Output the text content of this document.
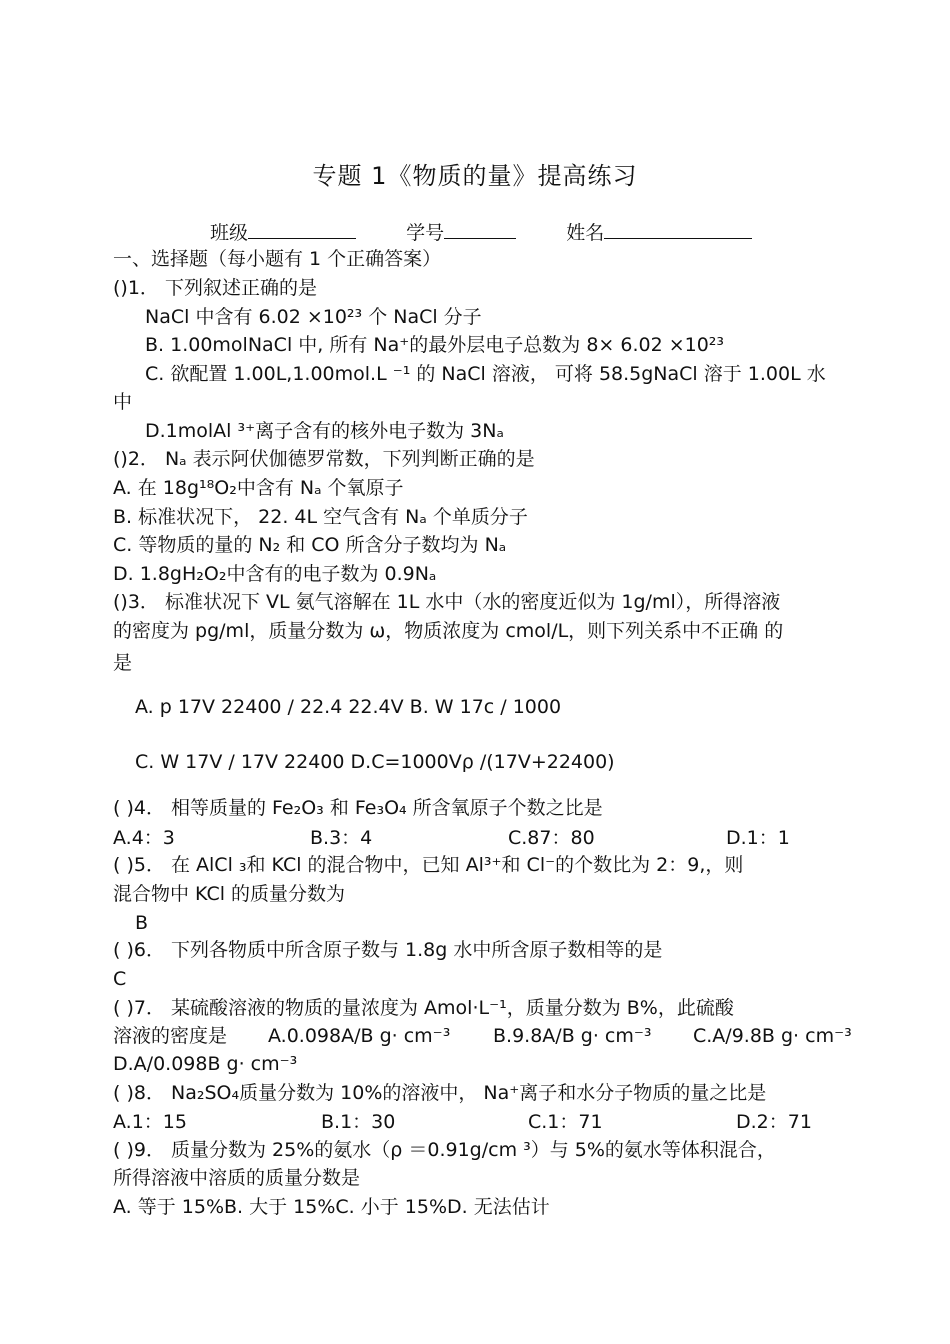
专题 1《物质的量》提高练习
班级	学号	姓名
一、选择题（每小题有 1 个正确答案）
()1． 下列叙述正确的是
NaCl 中含有 6.02 ×10²³ 个 NaCl 分子
B. 1.00molNaCl 中, 所有 Na⁺的最外层电子总数为 8× 6.02 ×10²³
C. 欲配置 1.00L,1.00mol.L ⁻¹ 的 NaCl 溶液， 可将 58.5gNaCl 溶于 1.00L 水
中
D.1molAl ³⁺离子含有的核外电子数为 3Nₐ
()2． Nₐ 表示阿伏伽德罗常数，下列判断正确的是
A. 在 18g¹⁸O₂中含有 Nₐ 个氧原子
B. 标准状况下， 22. 4L 空气含有 Nₐ 个单质分子
C. 等物质的量的 N₂ 和 CO 所含分子数均为 Nₐ
D. 1.8gH₂O₂中含有的电子数为 0.9Nₐ
()3． 标准状况下 VL 氨气溶解在 1L 水中（水的密度近似为 1g/ml），所得溶液
的密度为 pg/ml，质量分数为 ω，物质浓度为 cmol/L，则下列关系中不正确 的
是
A. p 17V 22400 / 22.4 22.4V B. W 17c / 1000
C. W 17V / 17V 22400 D.C=1000Vρ /(17V+22400)
( )4． 相等质量的 Fe₂O₃ 和 Fe₃O₄ 所含氧原子个数之比是
A.4：3	B.3：4	C.87：80	D.1：1
( )5． 在 AlCl ₃和 KCl 的混合物中，已知 Al³⁺和 Cl⁻的个数比为 2：9,，则
混合物中 KCl 的质量分数为
B
( )6． 下列各物质中所含原子数与 1.8g 水中所含原子数相等的是
C
( )7． 某硫酸溶液的物质的量浓度为 Amol·L⁻¹，质量分数为 B%，此硫酸
溶液的密度是 A.0.098A/B g· cm⁻³ B.9.8A/B g· cm⁻³ C.A/9.8B g· cm⁻³
D.A/0.098B g· cm⁻³
( )8． Na₂SO₄质量分数为 10%的溶液中， Na⁺离子和水分子物质的量之比是
A.1：15	B.1：30	C.1：71	D.2：71
( )9． 质量分数为 25%的氨水（ρ ＝0.91g/cm ³）与 5%的氨水等体积混合，
所得溶液中溶质的质量分数是
A. 等于 15%B. 大于 15%C. 小于 15%D. 无法估计
